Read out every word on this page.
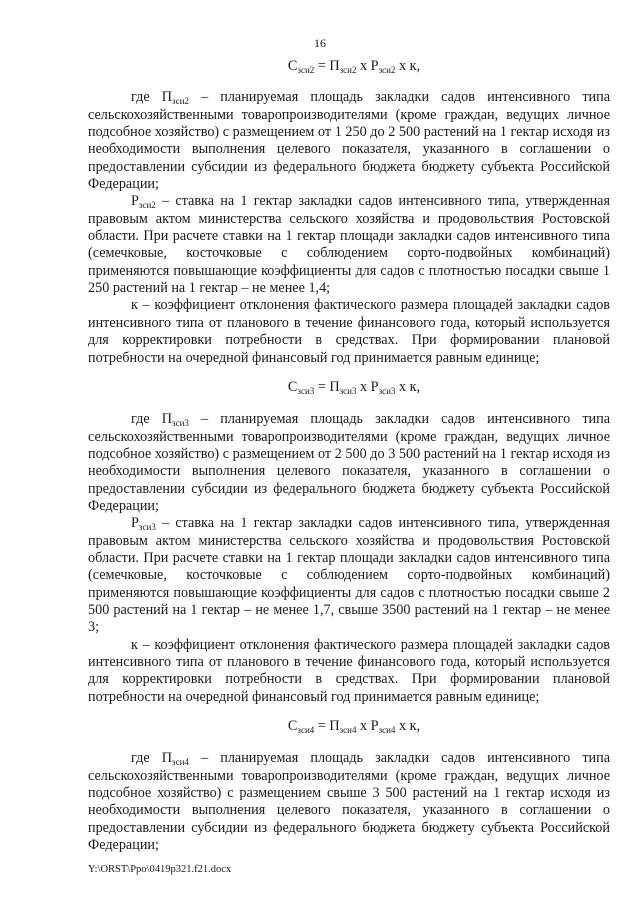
16
$С_{зси2} = П_{зси2}$ х $Р_{зси2}$ х к,

где $П_{зси2}$ – планируемая площадь закладки садов интенсивного типа сельскохозяйственными товаропроизводителями (кроме граждан, ведущих личное подсобное хозяйство) с размещением от 1 250 до 2 500 растений на 1 гектар исходя из необходимости выполнения целевого показателя, указанного в соглашении о предоставлении субсидии из федерального бюджета бюджету субъекта Российской Федерации;

$Р_{зси2}$ – ставка на 1 гектар закладки садов интенсивного типа, утвержденная правовым актом министерства сельского хозяйства и продовольствия Ростовской области. При расчете ставки на 1 гектар площади закладки садов интенсивного типа (семечковые, косточковые с соблюдением сорто-подвойных комбинаций) применяются повышающие коэффициенты для садов с плотностью посадки свыше 1 250 растений на 1 гектар – не менее 1,4;

к – коэффициент отклонения фактического размера площадей закладки садов интенсивного типа от планового в течение финансового года, который используется для корректировки потребности в средствах. При формировании плановой потребности на очередной финансовый год принимается равным единице;

$С_{зси3} = П_{зси3}$ х $Р_{зси3}$ х к,

где $П_{зси3}$ – планируемая площадь закладки садов интенсивного типа сельскохозяйственными товаропроизводителями (кроме граждан, ведущих личное подсобное хозяйство) с размещением от 2 500 до 3 500 растений на 1 гектар исходя из необходимости выполнения целевого показателя, указанного в соглашении о предоставлении субсидии из федерального бюджета бюджету субъекта Российской Федерации;

$Р_{зси3}$ – ставка на 1 гектар закладки садов интенсивного типа, утвержденная правовым актом министерства сельского хозяйства и продовольствия Ростовской области. При расчете ставки на 1 гектар площади закладки садов интенсивного типа (семечковые, косточковые с соблюдением сорто-подвойных комбинаций) применяются повышающие коэффициенты для садов с плотностью посадки свыше 2 500 растений на 1 гектар – не менее 1,7, свыше 3500 растений на 1 гектар – не менее 3;

к – коэффициент отклонения фактического размера площадей закладки садов интенсивного типа от планового в течение финансового года, который используется для корректировки потребности в средствах. При формировании плановой потребности на очередной финансовый год принимается равным единице;

$С_{зси4} = П_{зси4}$ х $Р_{зси4}$ х к,

где $П_{зси4}$ – планируемая площадь закладки садов интенсивного типа сельскохозяйственными товаропроизводителями (кроме граждан, ведущих личное подсобное хозяйство) с размещением свыше 3 500 растений на 1 гектар исходя из необходимости выполнения целевого показателя, указанного в соглашении о предоставлении субсидии из федерального бюджета бюджету субъекта Российской Федерации;

Y:\ORST\Ppo\0419p321.f21.docx
